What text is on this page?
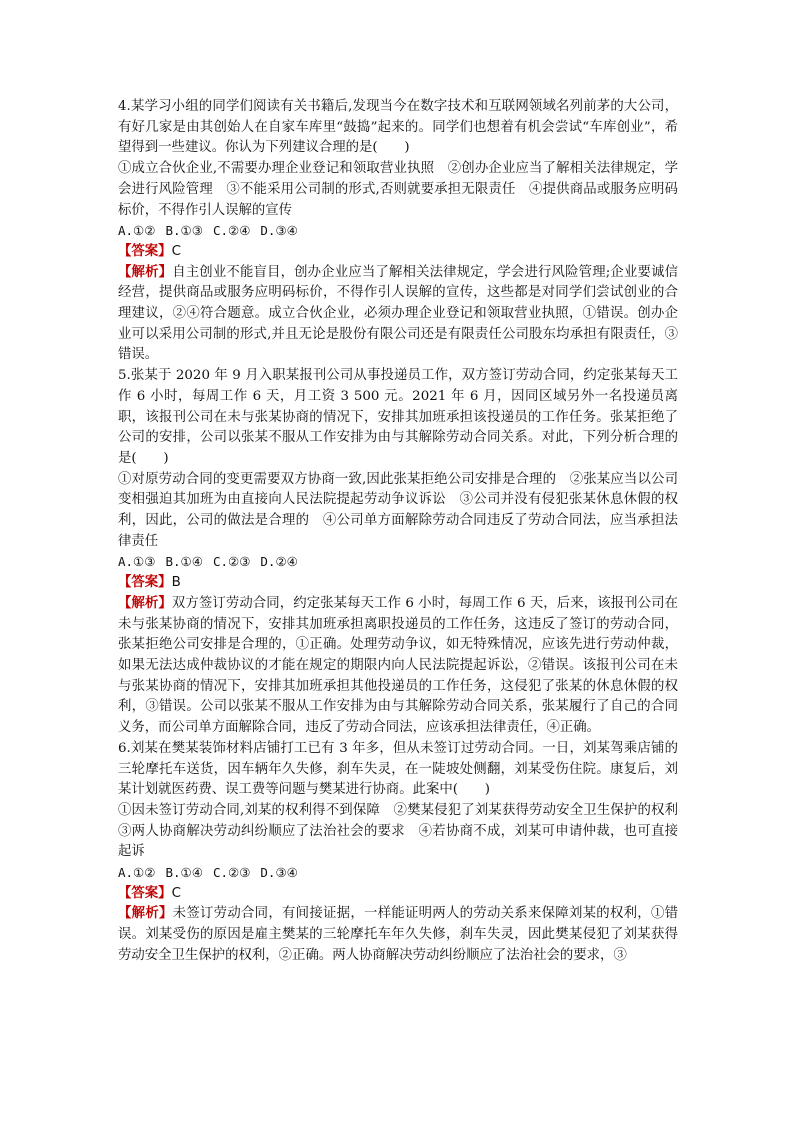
4.某学习小组的同学们阅读有关书籍后,发现当今在数字技术和互联网领域名列前茅的大公司，有好几家是由其创始人在自家车库里“鼓捣”起来的。同学们也想着有机会尝试“车库创业”，希望得到一些建议。你认为下列建议合理的是(　　)

①成立合伙企业,不需要办理企业登记和领取营业执照　②创办企业应当了解相关法律规定，学会进行风险管理　③不能采用公司制的形式,否则就要承担无限责任　④提供商品或服务应明码标价，不得作引人误解的宣传

A.①② B.①③ C.②④ D.③④

【答案】C

【解析】自主创业不能盲目，创办企业应当了解相关法律规定，学会进行风险管理;企业要诚信经营，提供商品或服务应明码标价，不得作引人误解的宣传，这些都是对同学们尝试创业的合理建议，②④符合题意。成立合伙企业，必须办理企业登记和领取营业执照，①错误。创办企业可以采用公司制的形式,并且无论是股份有限公司还是有限责任公司股东均承担有限责任，③错误。

5.张某于 2020 年 9 月入职某报刊公司从事投递员工作，双方签订劳动合同，约定张某每天工作 6 小时，每周工作 6 天，月工资 3 500 元。2021 年 6 月，因同区域另外一名投递员离职，该报刊公司在未与张某协商的情况下，安排其加班承担该投递员的工作任务。张某拒绝了公司的安排，公司以张某不服从工作安排为由与其解除劳动合同关系。对此，下列分析合理的是(　　)

①对原劳动合同的变更需要双方协商一致,因此张某拒绝公司安排是合理的　②张某应当以公司变相强迫其加班为由直接向人民法院提起劳动争议诉讼　③公司并没有侵犯张某休息休假的权利，因此，公司的做法是合理的　④公司单方面解除劳动合同违反了劳动合同法，应当承担法律责任

A.①③ B.①④ C.②③ D.②④

【答案】B

【解析】双方签订劳动合同，约定张某每天工作 6 小时，每周工作 6 天，后来，该报刊公司在未与张某协商的情况下，安排其加班承担离职投递员的工作任务，这违反了签订的劳动合同，张某拒绝公司安排是合理的，①正确。处理劳动争议，如无特殊情况，应该先进行劳动仲裁，如果无法达成仲裁协议的才能在规定的期限内向人民法院提起诉讼，②错误。该报刊公司在未与张某协商的情况下，安排其加班承担其他投递员的工作任务，这侵犯了张某的休息休假的权利，③错误。公司以张某不服从工作安排为由与其解除劳动合同关系，张某履行了自己的合同义务，而公司单方面解除合同，违反了劳动合同法，应该承担法律责任，④正确。

6.刘某在樊某装饰材料店铺打工已有 3 年多，但从未签订过劳动合同。一日，刘某驾乘店铺的三轮摩托车送货，因车辆年久失修，刹车失灵，在一陡坡处侧翻，刘某受伤住院。康复后，刘某计划就医药费、误工费等问题与樊某进行协商。此案中(　　)

①因未签订劳动合同,刘某的权利得不到保障　②樊某侵犯了刘某获得劳动安全卫生保护的权利　③两人协商解决劳动纠纷顺应了法治社会的要求　④若协商不成，刘某可申请仲裁，也可直接起诉

A.①② B.①④ C.②③ D.③④

【答案】C

【解析】未签订劳动合同，有间接证据，一样能证明两人的劳动关系来保障刘某的权利，①错误。刘某受伤的原因是雇主樊某的三轮摩托车年久失修，刹车失灵，因此樊某侵犯了刘某获得劳动安全卫生保护的权利，②正确。两人协商解决劳动纠纷顺应了法治社会的要求，③
